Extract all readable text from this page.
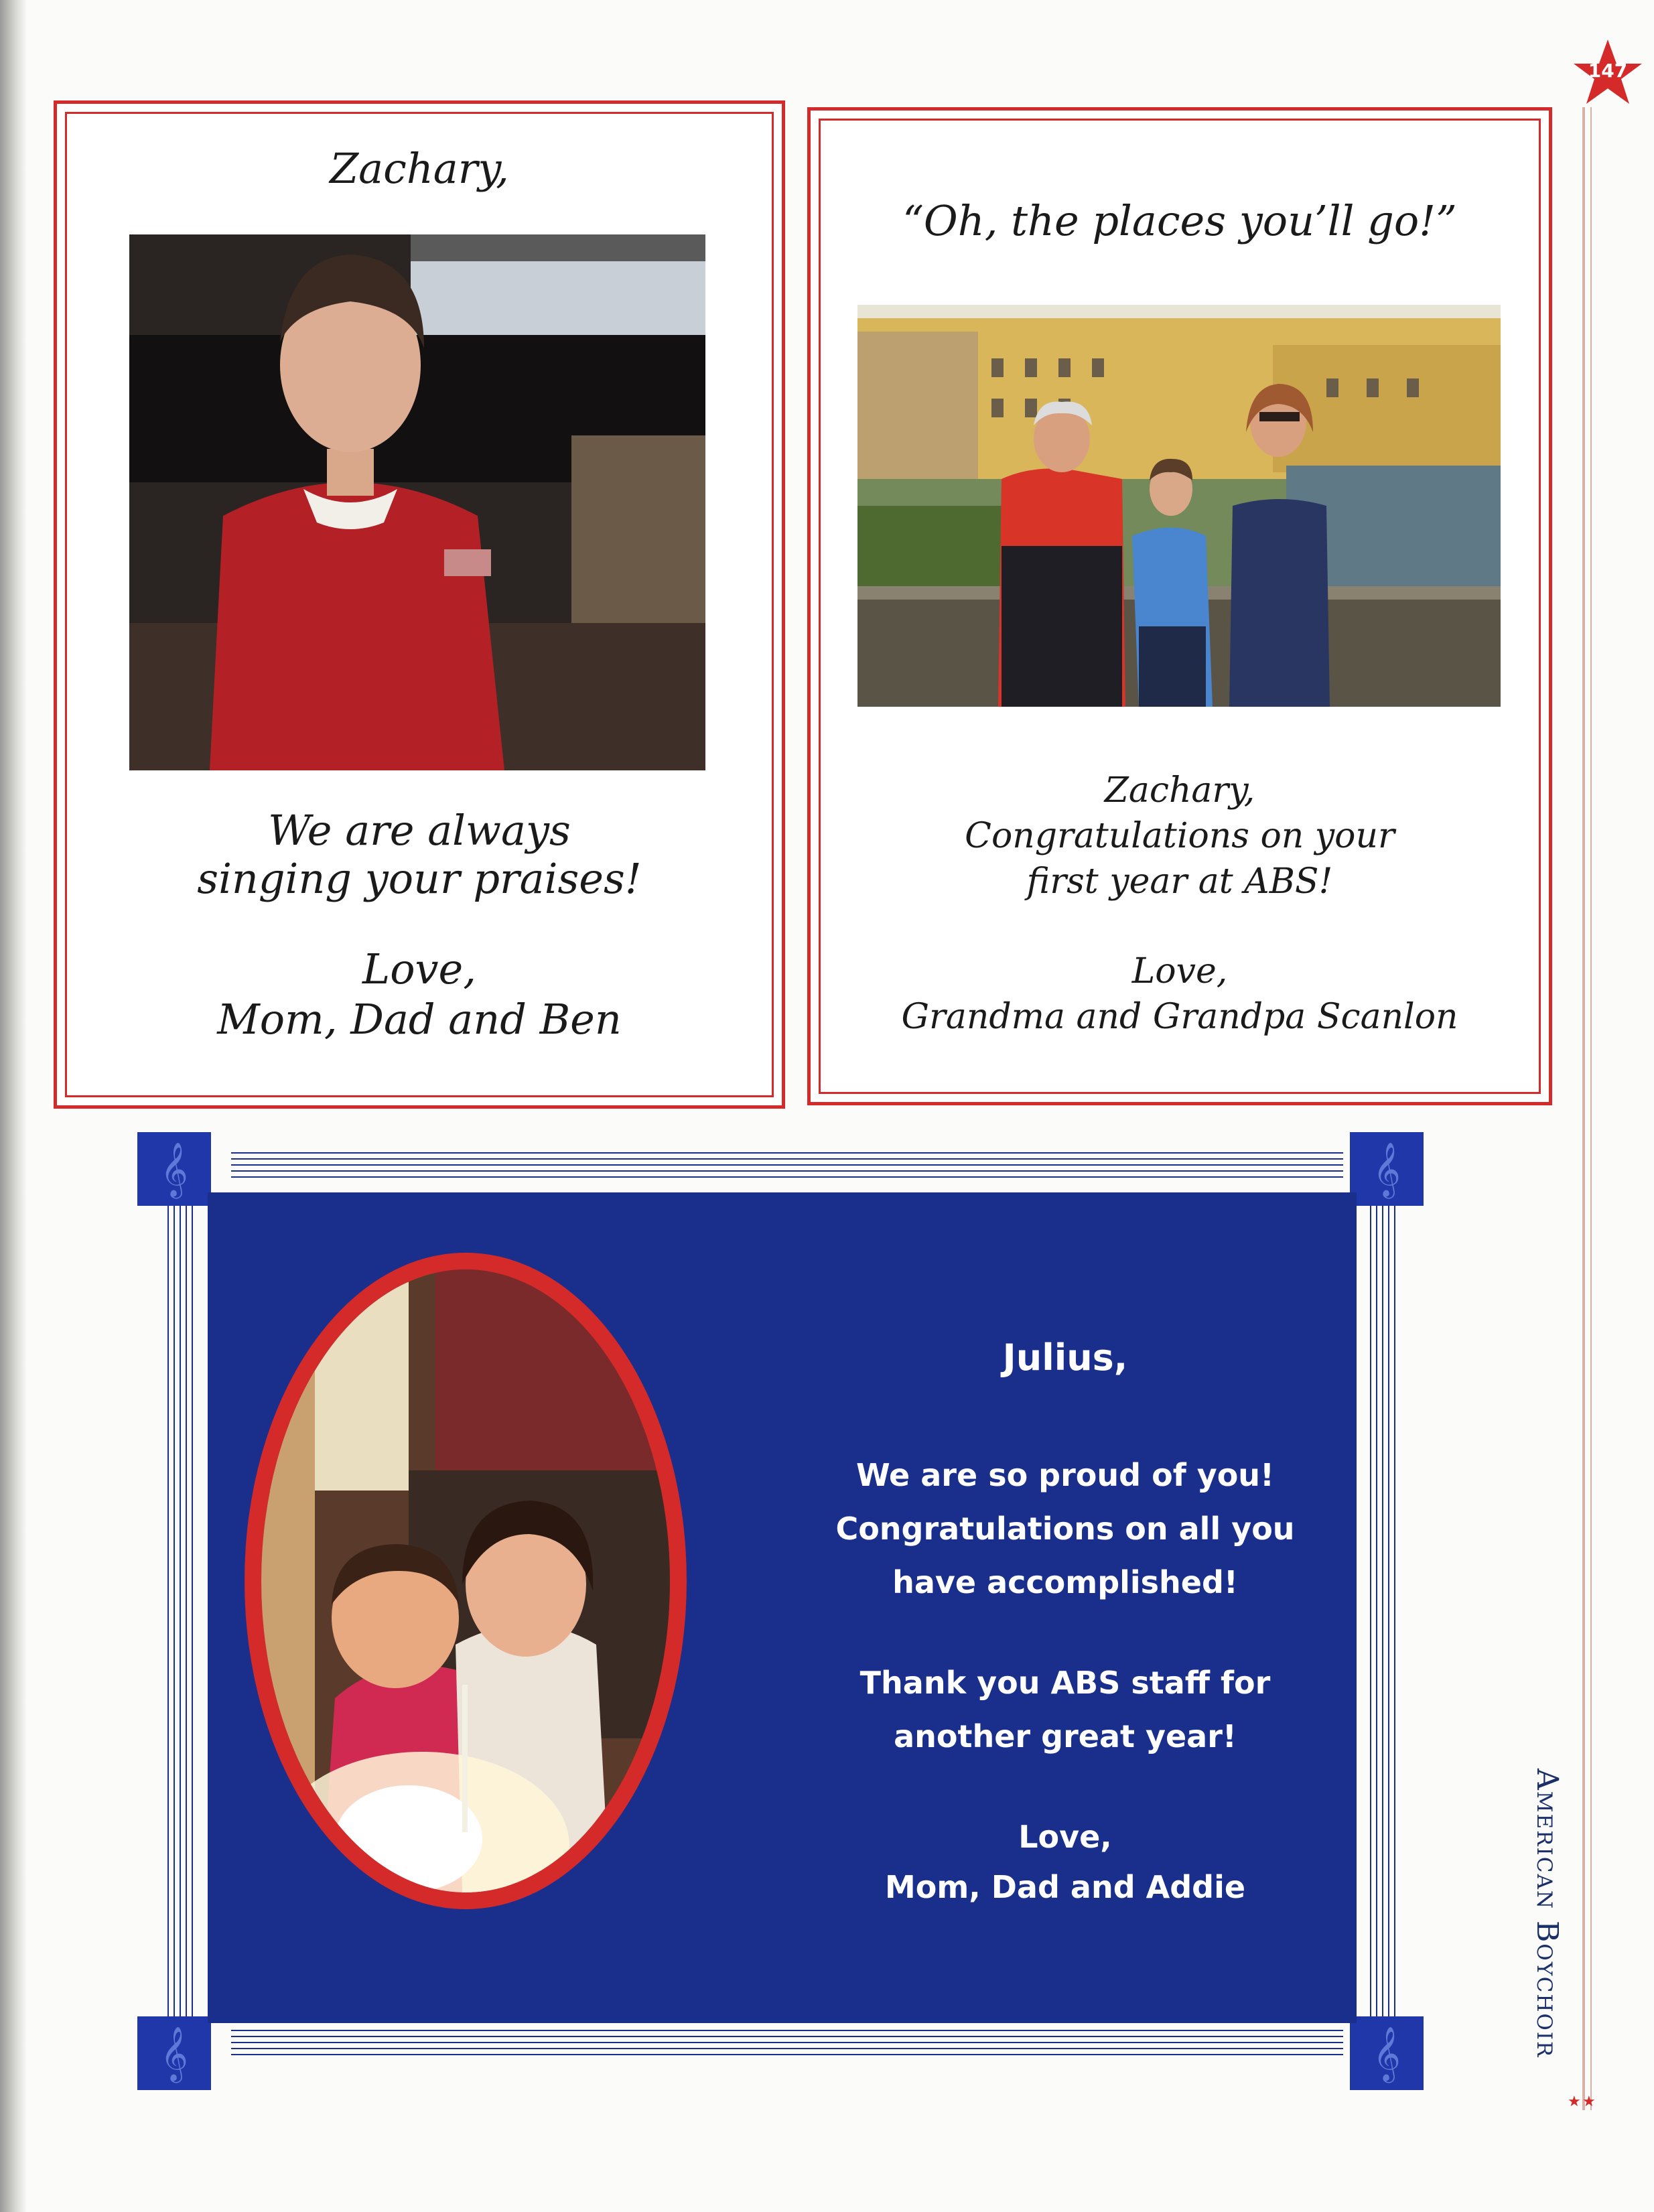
147
★ ★
American Boychoir
Zachary,
We are always
singing your praises!
Love,
Mom, Dad and Ben
“Oh, the places you’ll go!”
Zachary,
Congratulations on your
first year at ABS!
Love,
Grandma and Grandpa Scanlon
𝄞	𝄞
𝄞	𝄞
Julius,
We are so proud of you!
Congratulations on all you
have accomplished!
Thank you ABS staff for
another great year!
Love,
Mom, Dad and Addie
